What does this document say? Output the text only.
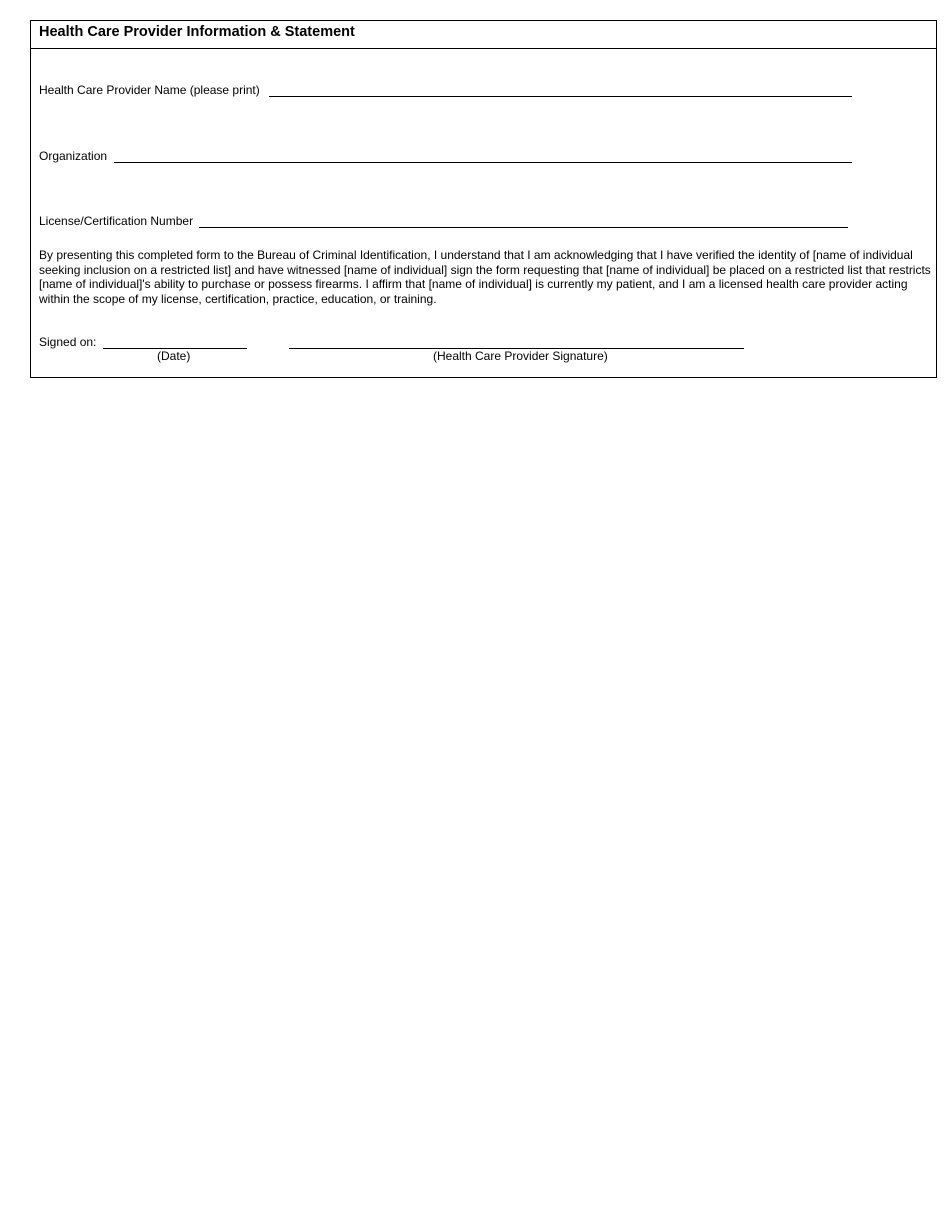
Health Care Provider Information & Statement
Health Care Provider Name (please print)
Organization
License/Certification Number
By presenting this completed form to the Bureau of Criminal Identification, I understand that I am acknowledging that I have verified the identity of [name of individual seeking inclusion on a restricted list] and have witnessed [name of individual] sign the form requesting that [name of individual] be placed on a restricted list that restricts [name of individual]'s ability to purchase or possess firearms. I affirm that [name of individual] is currently my patient, and I am a licensed health care provider acting within the scope of my license, certification, practice, education, or training.
Signed on:
(Date)	(Health Care Provider Signature)
